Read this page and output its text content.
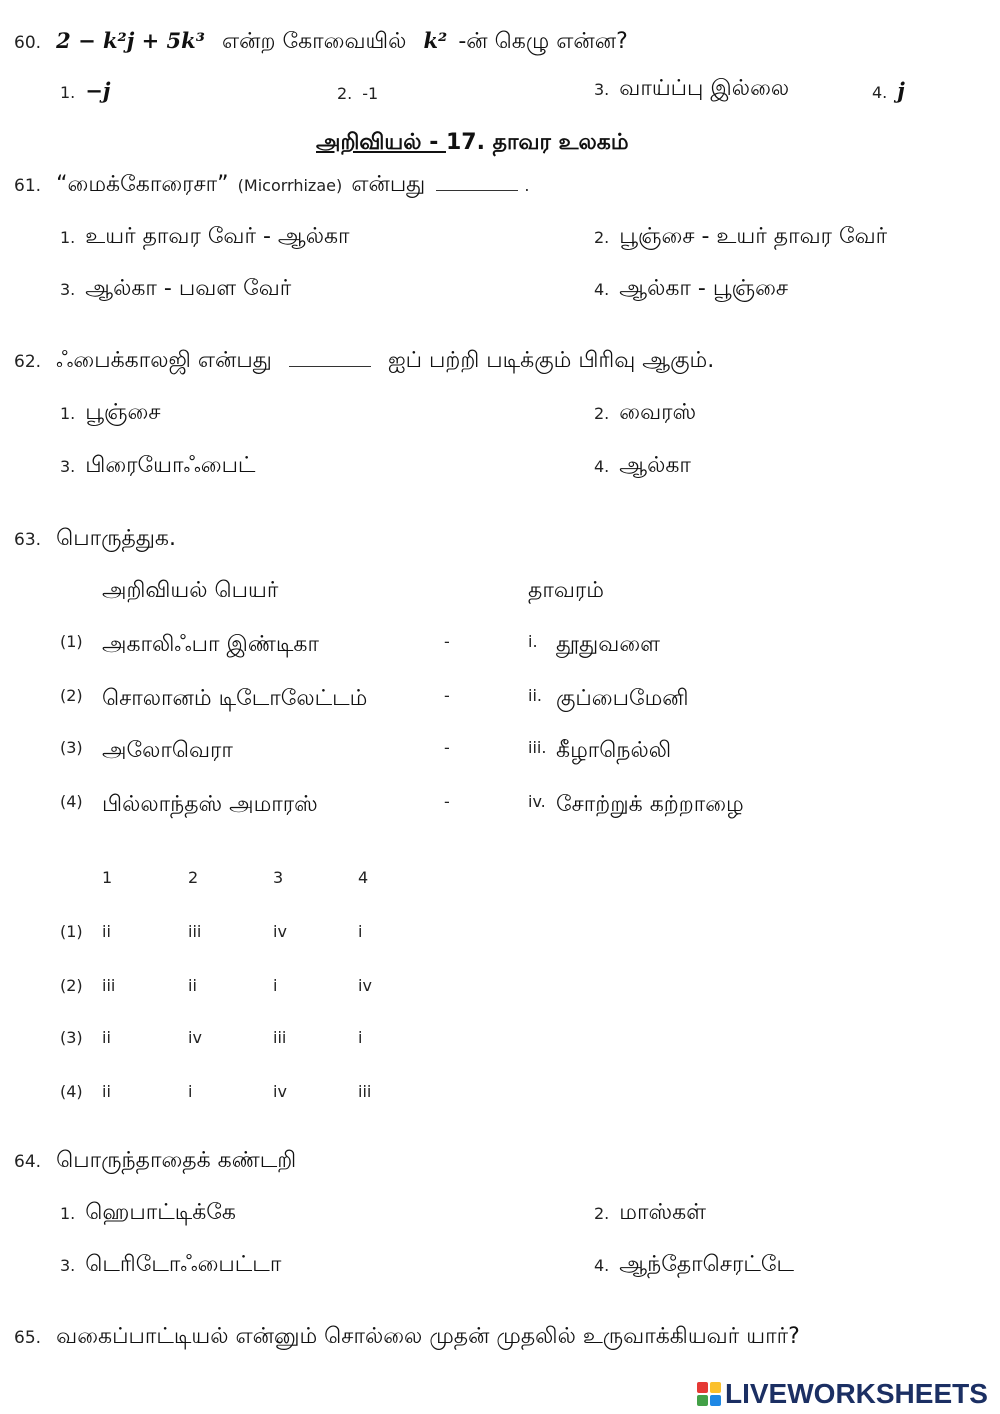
60. 2 − k²j + 5k³ என்ற கோவையில் k² -ன் கெழு என்ன?
1. −j	2. -1	3. வாய்ப்பு இல்லை	4. j
அறிவியல் - 17. தாவர உலகம்
61. “மைக்கோரைசா” (Micorrhizae) என்பது	.
1. உயர் தாவர வேர் - ஆல்கா	2. பூஞ்சை - உயர் தாவர வேர்
3. ஆல்கா - பவள வேர்	4. ஆல்கா - பூஞ்சை
62. ஃபைக்காலஜி என்பது	ஐப் பற்றி படிக்கும் பிரிவு ஆகும்.
1. பூஞ்சை	2. வைரஸ்
3. பிரையோஃபைட்	4. ஆல்கா
63. பொருத்துக.
அறிவியல் பெயர்	தாவரம்
(1) அகாலிஃபா இண்டிகா	-	i. தூதுவளை
(2) சொலானம் டிடோலேட்டம்	-	ii. குப்பைமேனி
(3) அலோவெரா	-	iii. கீழாநெல்லி
(4) பில்லாந்தஸ் அமாரஸ்	-	iv. சோற்றுக் கற்றாழை
1	2	3	4
(1) ii	iii	iv	i
(2) iii	ii	i	iv
(3) ii	iv	iii	i
(4) ii	i	iv	iii
64. பொருந்தாதைக் கண்டறி
1. ஹெபாட்டிக்கே	2. மாஸ்கள்
3. டெரிடோஃபைட்டா	4. ஆந்தோசெரட்டே
65. வகைப்பாட்டியல் என்னும் சொல்லை முதன் முதலில் உருவாக்கியவர் யார்?
LIVEWORKSHEETS
